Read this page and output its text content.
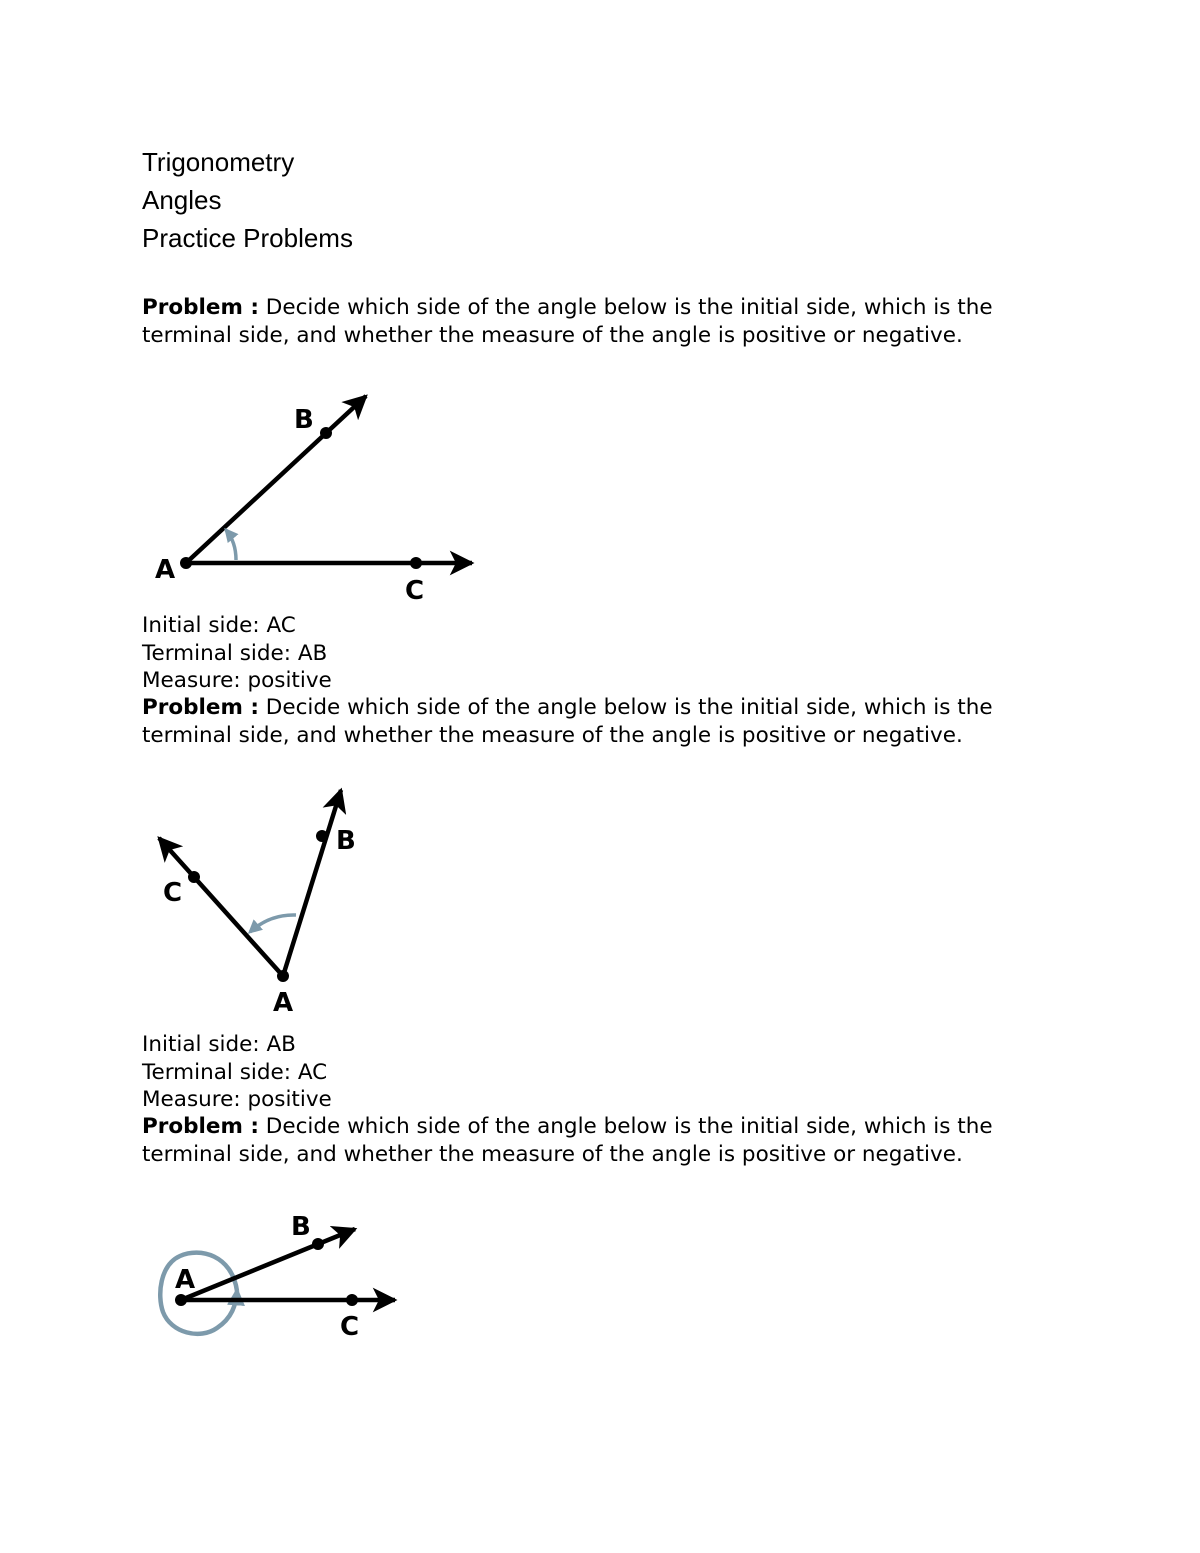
Trigonometry
Angles
Practice Problems
Problem : Decide which side of the angle below is the initial side, which is the terminal side, and whether the measure of the angle is positive or negative.
A
B
C
A
B
C
A
B
C
Initial side: AC
Terminal side: AB
Measure: positive
Problem : Decide which side of the angle below is the initial side, which is the terminal side, and whether the measure of the angle is positive or negative.
Initial side: AB
Terminal side: AC
Measure: positive
Problem : Decide which side of the angle below is the initial side, which is the terminal side, and whether the measure of the angle is positive or negative.
